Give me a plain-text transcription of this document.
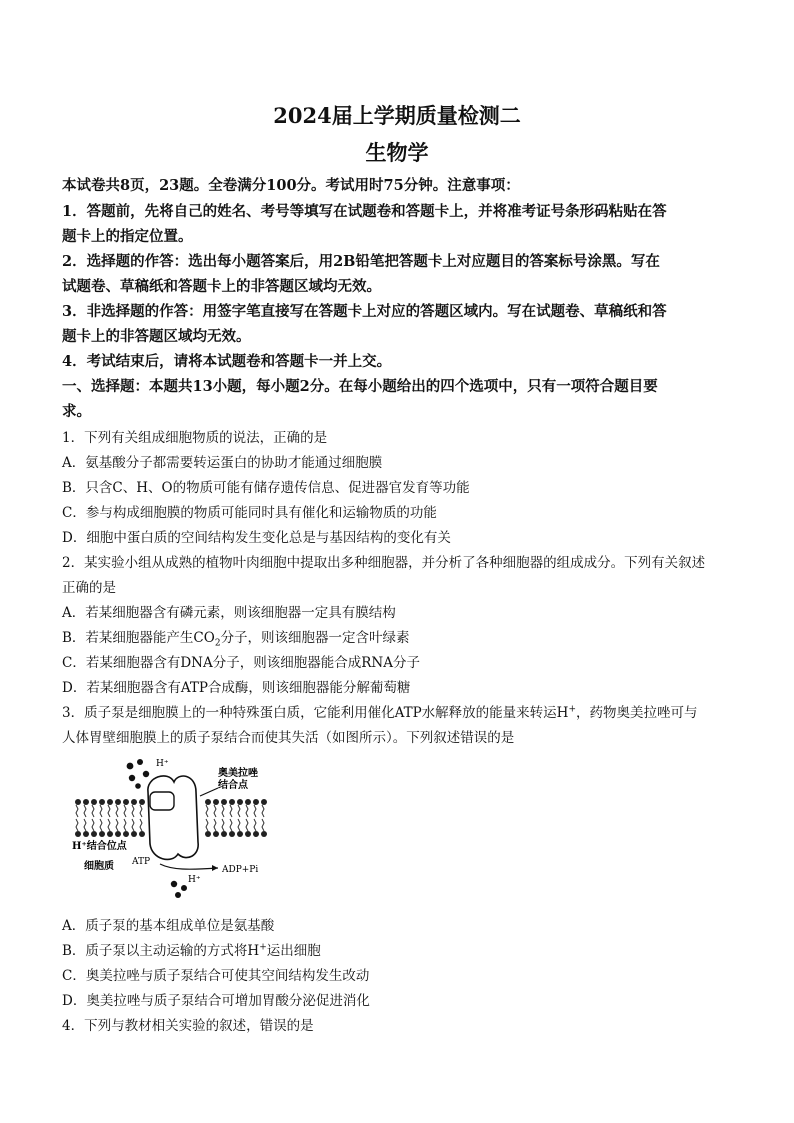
2024届上学期质量检测二
生物学
本试卷共8页，23题。全卷满分100分。考试用时75分钟。注意事项：
1．答题前，先将自己的姓名、考号等填写在试题卷和答题卡上，并将准考证号条形码粘贴在答
题卡上的指定位置。
2．选择题的作答：选出每小题答案后，用2B铅笔把答题卡上对应题目的答案标号涂黑。写在
试题卷、草稿纸和答题卡上的非答题区域均无效。
3．非选择题的作答：用签字笔直接写在答题卡上对应的答题区域内。写在试题卷、草稿纸和答
题卡上的非答题区域均无效。
4．考试结束后，请将本试题卷和答题卡一并上交。
一、选择题：本题共13小题，每小题2分。在每小题给出的四个选项中，只有一项符合题目要
求。
1．下列有关组成细胞物质的说法，正确的是
A．氨基酸分子都需要转运蛋白的协助才能通过细胞膜
B．只含C、H、O的物质可能有储存遗传信息、促进器官发育等功能
C．参与构成细胞膜的物质可能同时具有催化和运输物质的功能
D．细胞中蛋白质的空间结构发生变化总是与基因结构的变化有关
2．某实验小组从成熟的植物叶肉细胞中提取出多种细胞器，并分析了各种细胞器的组成成分。下列有关叙述
正确的是
A．若某细胞器含有磷元素，则该细胞器一定具有膜结构
B．若某细胞器能产生$CO_2$分子，则该细胞器一定含叶绿素
C．若某细胞器含有DNA分子，则该细胞器能合成RNA分子
D．若某细胞器含有ATP合成酶，则该细胞器能分解葡萄糖
3．质子泵是细胞膜上的一种特殊蛋白质，它能利用催化ATP水解释放的能量来转运H+，药物奥美拉唑可与
人体胃壁细胞膜上的质子泵结合而使其失活（如图所示）。下列叙述错误的是
H⁺
奥美拉唑
结合点
H⁺结合位点
细胞质 ATP
ADP+Pi
H⁺
A．质子泵的基本组成单位是氨基酸
B．质子泵以主动运输的方式将H+运出细胞
C．奥美拉唑与质子泵结合可使其空间结构发生改动
D．奥美拉唑与质子泵结合可增加胃酸分泌促进消化
4．下列与教材相关实验的叙述，错误的是
